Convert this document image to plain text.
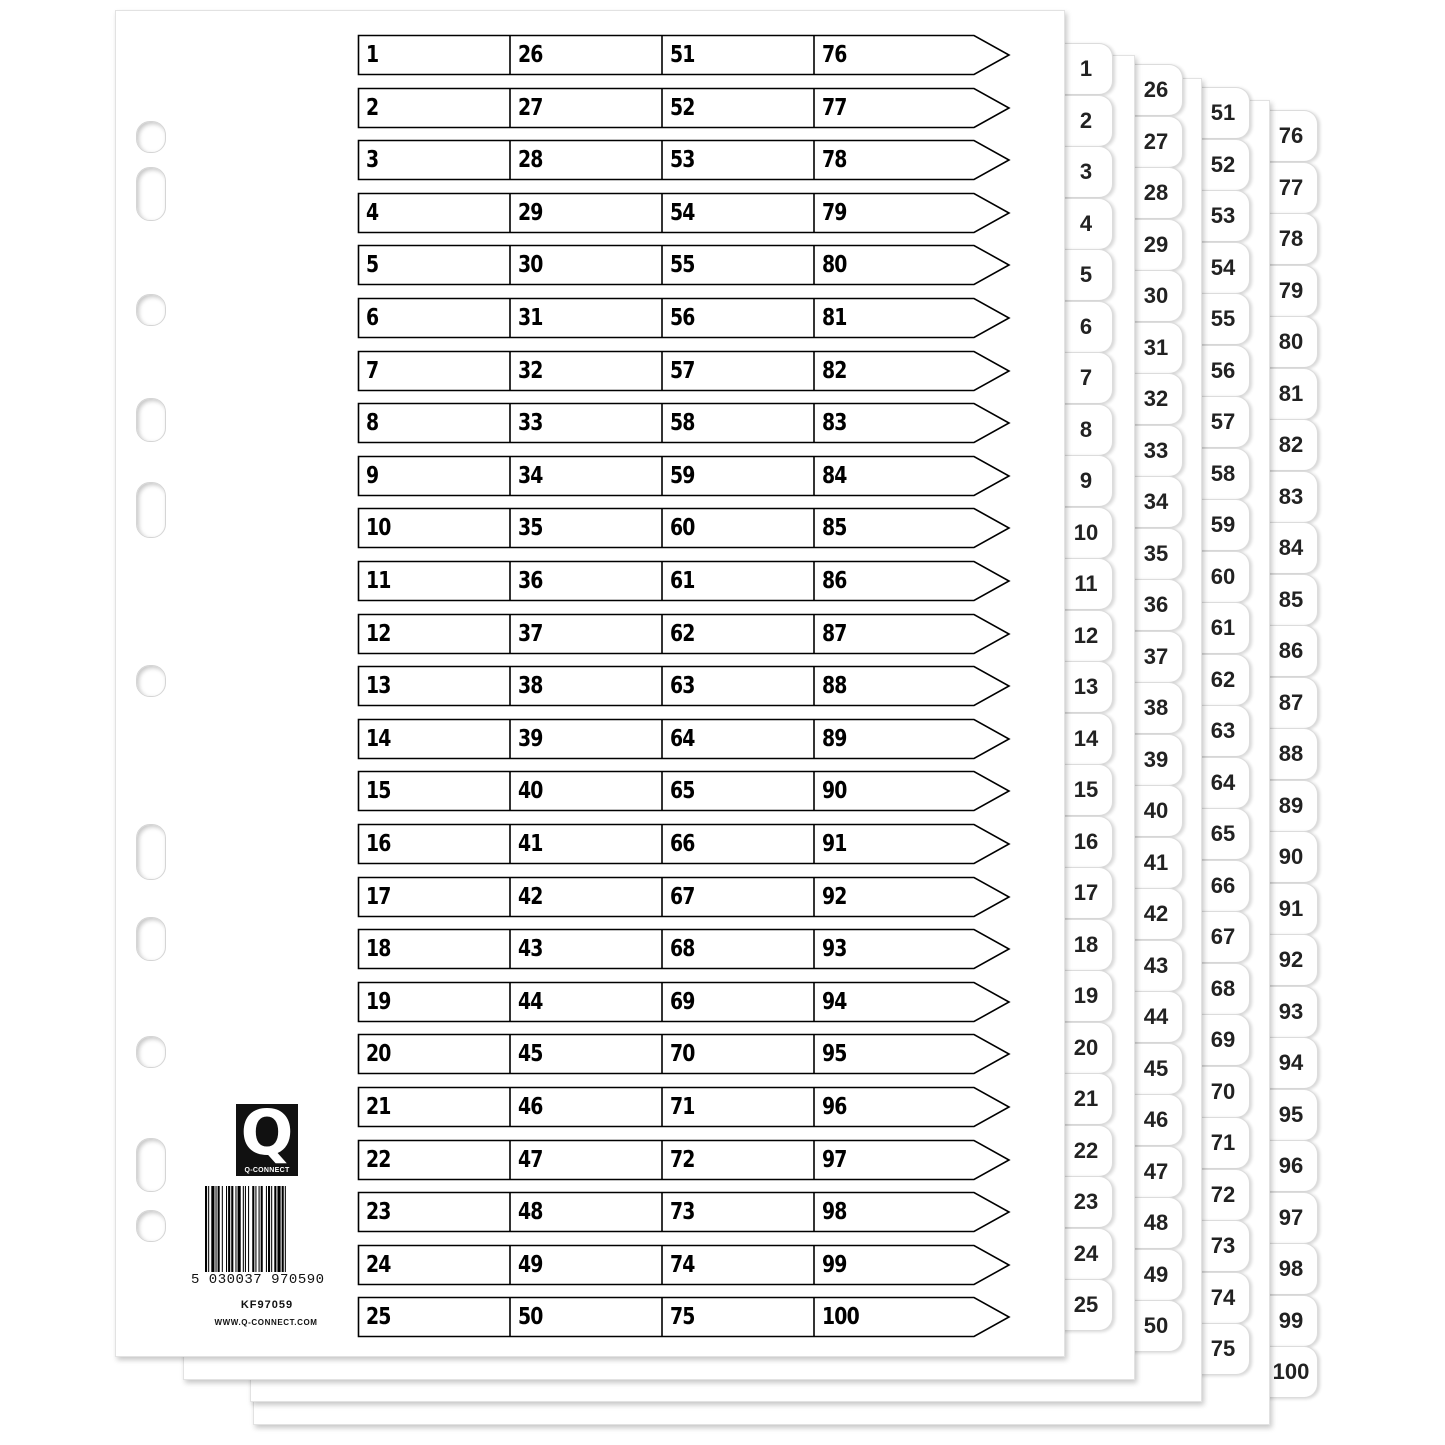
76
77
78
79
80
81
82
83
84
85
86
87
88
89
90
91
92
93
94
95
96
97
98
99
100
51
52
53
54
55
56
57
58
59
60
61
62
63
64
65
66
67
68
69
70
71
72
73
74
75
26
27
28
29
30
31
32
33
34
35
36
37
38
39
40
41
42
43
44
45
46
47
48
49
50
1
2
3
4
5
6
7
8
9
10
11
12
13
14
15
16
17
18
19
20
21
22
23
24
25
1	26	51	76
2	27	52	77
3	28	53	78
4	29	54	79
5	30	55	80
6	31	56	81
7	32	57	82
8	33	58	83
9	34	59	84
10	35	60	85
11	36	61	86
12	37	62	87
13	38	63	88
14	39	64	89
15	40	65	90
16	41	66	91
17	42	67	92
18	43	68	93
19	44	69	94
20	45	70	95
21	46	71	96
22	47	72	97
23	48	73	98
24	49	74	99
25	50	75	100
Q
Q-CONNECT
5 030037 970590
KF97059
WWW.Q-CONNECT.COM
